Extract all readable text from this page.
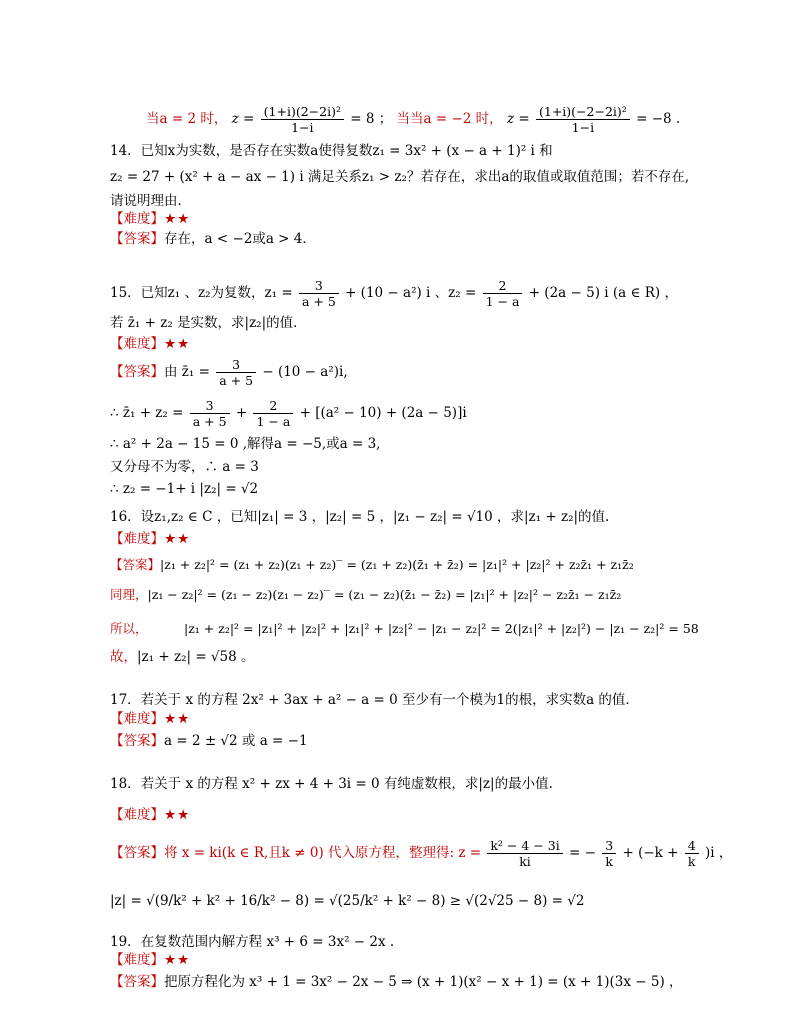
当a = 2 时， $z = \frac{\text{(1+i)(2−2i)²}}{1-i} = 8$ ； 当当a = −2 时， $z = \frac{\text{(1+i)(−2−2i)²}}{1-i} = -8$ .
14．已知x为实数，是否存在实数a使得复数z₁ = 3x² + (x − a + 1)² i 和
z₂ = 27 + (x² + a − ax − 1) i 满足关系z₁ > z₂？若存在，求出a的取值或取值范围；若不存在,
请说明理由．
【难度】★★
【答案】存在，a < −2或a > 4．
15．已知z₁ 、z₂为复数，$z_1 = \frac{3}{a + 5} + (10 - a^2)$ i 、$z_2 = \frac{2}{1 - a} + (2a - 5)$ i (a ∈ R) ，
若 z̄₁ + z₂ 是实数，求|z₂|的值．
【难度】★★
【答案】由 z̄₁ = $\frac{3}{a + 5} - (10 - a^2)i$,
∴ z̄₁ + $z_2 = \frac{3}{a + 5} + \frac{2}{1 - a} + [(a^2 - 10) + (2a - 5)]i$
∴ a² + 2a − 15 = 0 ,解得a = −5,或a = 3,
又分母不为零，∴ a = 3
∴ z₂ = −1+ i |z₂| = √2
16．设z₁,z₂ ∈ C ，已知|z₁| = 3 ，|z₂| = 5 ，|z₁ − z₂| = √10 ，求|z₁ + z₂|的值.
【难度】★★
【答案】|z₁ + z₂|² = (z₁ + z₂)(z₁ + z₂)‾ = (z₁ + z₂)(z̄₁ + z̄₂) = |z₁|² + |z₂|² + z₂z̄₁ + z₁z̄₂
同理，|z₁ − z₂|² = (z₁ − z₂)(z₁ − z₂)‾ = (z₁ − z₂)(z̄₁ − z̄₂) = |z₁|² + |z₂|² − z₂z̄₁ − z₁z̄₂
所以，	|z₁ + z₂|² = |z₁|² + |z₂|² + |z₁|² + |z₂|² − |z₁ − z₂|² = 2(|z₁|² + |z₂|²) − |z₁ − z₂|² = 58
故，|z₁ + z₂| = √58 。
17．若关于 x 的方程 2x² + 3ax + a² − a = 0 至少有一个模为1的根，求实数a 的值．
【难度】★★
【答案】a = 2 ± √2 或 a = −1
18．若关于 x 的方程 x² + zx + 4 + 3i = 0 有纯虚数根，求|z|的最小值.
【难度】★★
【答案】将 x = ki(k ∈ R,且k ≠ 0) 代入原方程，整理得: $z = \frac{\text{k² − 4 − 3i}}{ki}$ = − $\frac{3}{k} + (-k + \frac{4}{k} )i$ ，
|z| = √(9/k² + k² + 16/k² − 8) = √(25/k² + k² − 8) ≥ √(2√25 − 8) = √2
19．在复数范围内解方程 x³ + 6 = 3x² − 2x .
【难度】★★
【答案】把原方程化为 x³ + 1 = 3x² − 2x − 5 ⇒ (x + 1)(x² − x + 1) = (x + 1)(3x − 5) ，
